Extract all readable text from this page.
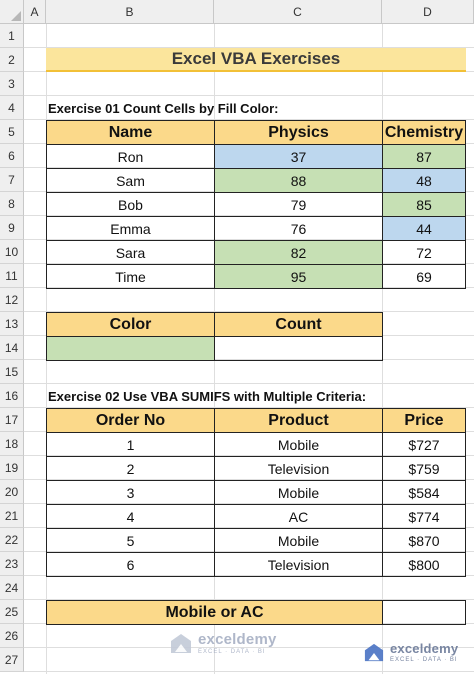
A	B	C	D
1
2
3
4
5
6
7
8
9
10
11
12
13
14
15
16
17
18
19
20
21
22
23
24
25
26
27
Excel VBA Exercises
Exercise 01 Count Cells by Fill Color:
Name	Physics	Chemistry
Ron	37	87
Sam	88	48
Bob	79	85
Emma	76	44
Sara	82	72
Time	95	69
Color	Count
Exercise 02 Use VBA SUMIFS with Multiple Criteria:
Order No	Product	Price
1	Mobile	$727
2	Television	$759
3	Mobile	$584
4	AC	$774
5	Mobile	$870
6	Television	$800
Mobile or AC
exceldemy
EXCEL · DATA · BI	exceldemy
EXCEL · DATA · BI
